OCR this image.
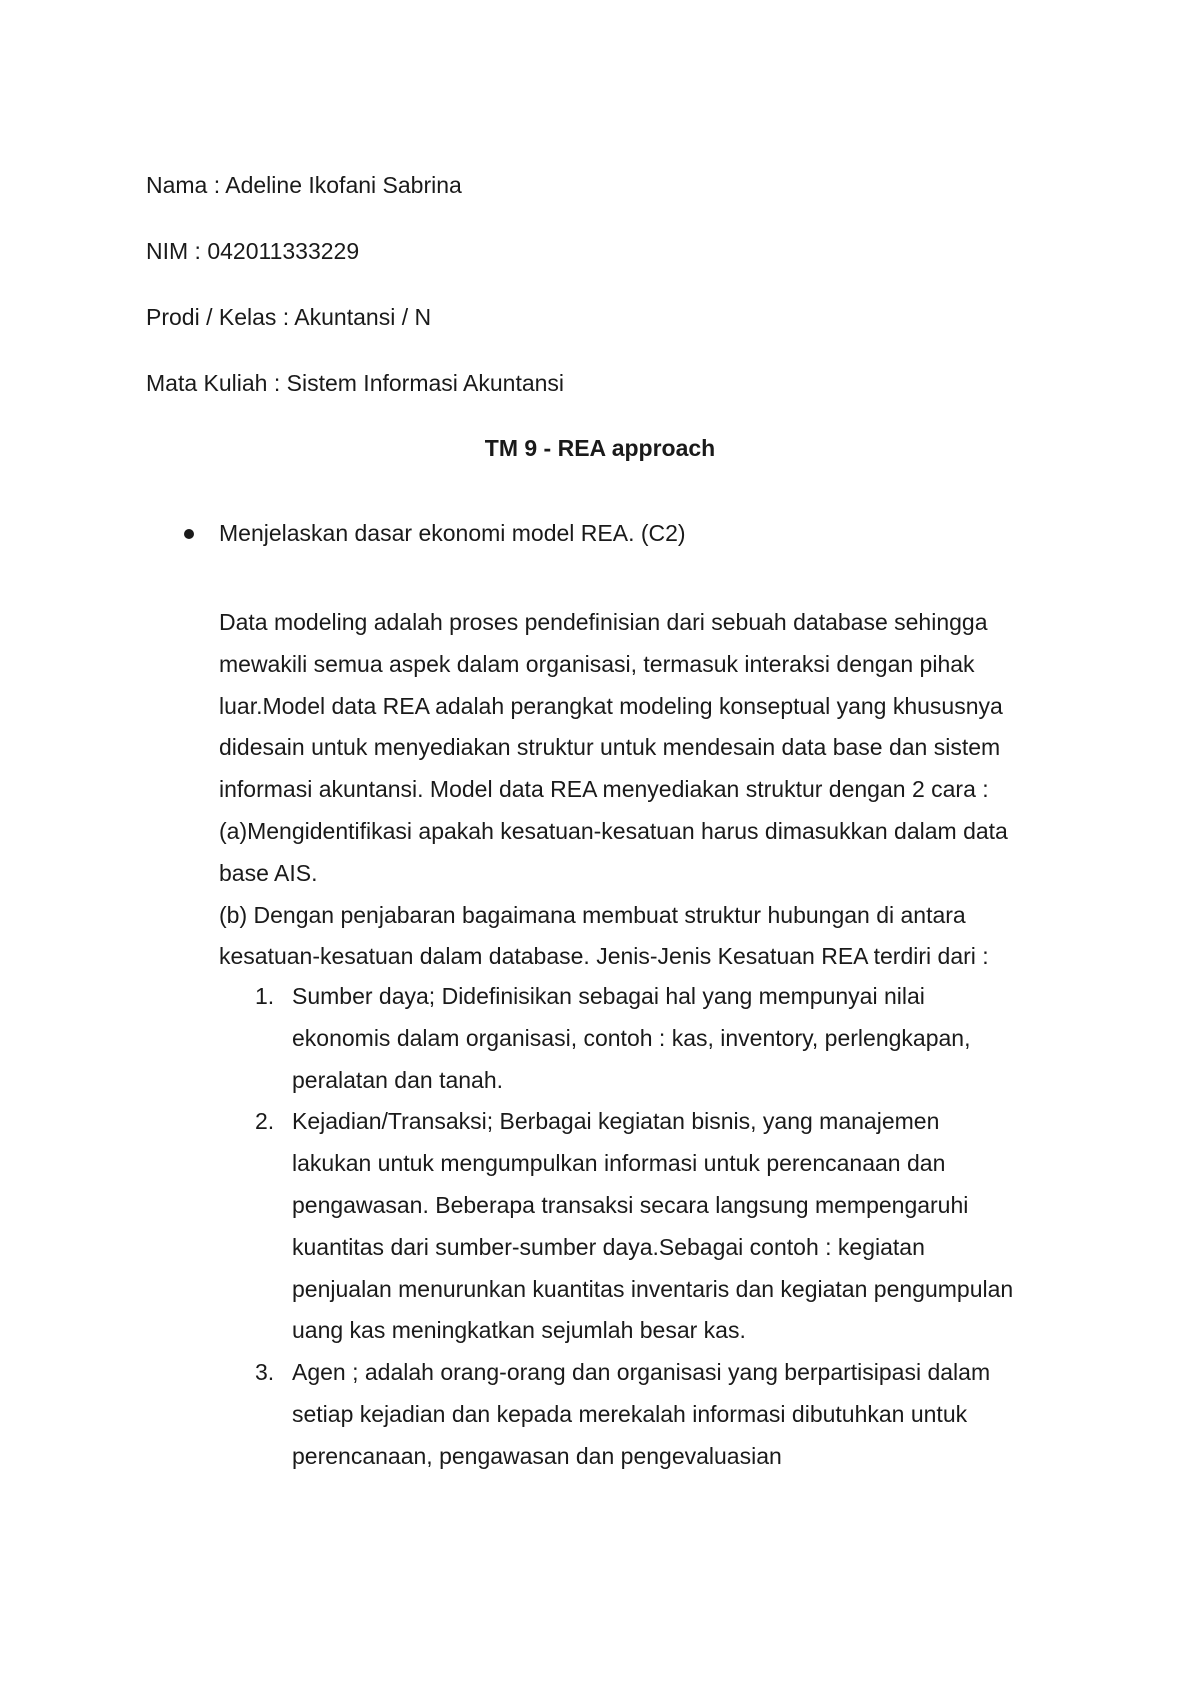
Nama : Adeline Ikofani Sabrina

NIM : 042011333229

Prodi / Kelas : Akuntansi / N

Mata Kuliah : Sistem Informasi Akuntansi

TM 9 - REA approach
Menjelaskan dasar ekonomi model REA. (C2)
Data modeling adalah proses pendefinisian dari sebuah database sehingga
mewakili semua aspek dalam organisasi, termasuk interaksi dengan pihak
luar.Model data REA adalah perangkat modeling konseptual yang khususnya
didesain untuk menyediakan struktur untuk mendesain data base dan sistem
informasi akuntansi. Model data REA menyediakan struktur dengan 2 cara :
(a)Mengidentifikasi apakah kesatuan-kesatuan harus dimasukkan dalam data
base AIS.
(b) Dengan penjabaran bagaimana membuat struktur hubungan di antara
kesatuan-kesatuan dalam database. Jenis-Jenis Kesatuan REA terdiri dari :
1. Sumber daya; Didefinisikan sebagai hal yang mempunyai nilai
ekonomis dalam organisasi, contoh : kas, inventory, perlengkapan,
peralatan dan tanah.
2. Kejadian/Transaksi; Berbagai kegiatan bisnis, yang manajemen
lakukan untuk mengumpulkan informasi untuk perencanaan dan
pengawasan. Beberapa transaksi secara langsung mempengaruhi
kuantitas dari sumber-sumber daya.Sebagai contoh : kegiatan
penjualan menurunkan kuantitas inventaris dan kegiatan pengumpulan
uang kas meningkatkan sejumlah besar kas.
3. Agen ; adalah orang-orang dan organisasi yang berpartisipasi dalam
setiap kejadian dan kepada merekalah informasi dibutuhkan untuk
perencanaan, pengawasan dan pengevaluasian
